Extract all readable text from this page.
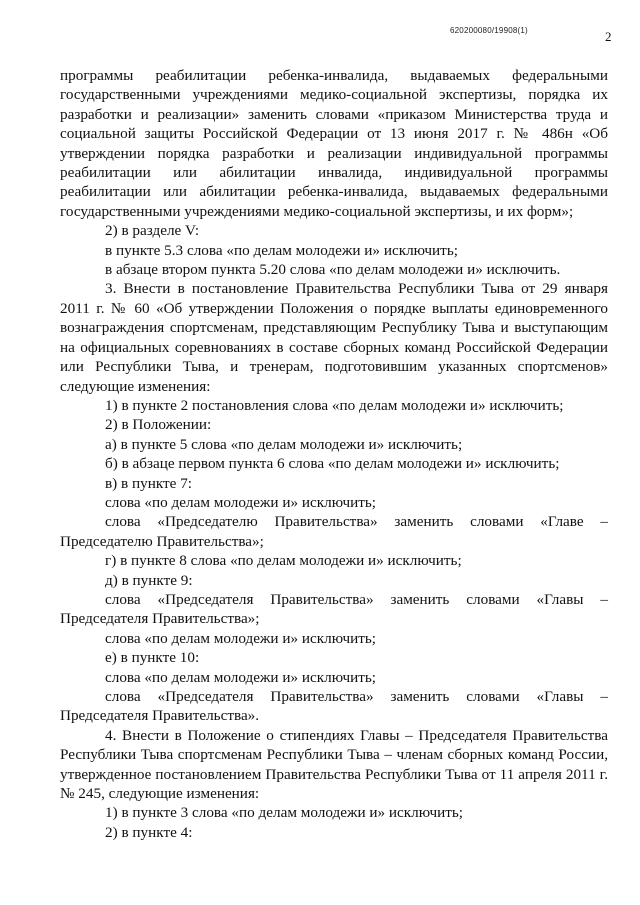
620200080/19908(1)	2

программы реабилитации ребенка-инвалида, выдаваемых федеральными государственными учреждениями медико-социальной экспертизы, порядка их разработки и реализации» заменить словами «приказом Министерства труда и социальной защиты Российской Федерации от 13 июня 2017 г. № 486н «Об утверждении порядка разработки и реализации индивидуальной программы реабилитации или абилитации инвалида, индивидуальной программы реабилитации или абилитации ребенка-инвалида, выдаваемых федеральными государственными учреждениями медико-социальной экспертизы, и их форм»;

2) в разделе V:

в пункте 5.3 слова «по делам молодежи и» исключить;

в абзаце втором пункта 5.20 слова «по делам молодежи и» исключить.

3. Внести в постановление Правительства Республики Тыва от 29 января 2011 г. № 60 «Об утверждении Положения о порядке выплаты единовременного вознаграждения спортсменам, представляющим Республику Тыва и выступающим на официальных соревнованиях в составе сборных команд Российской Федерации или Республики Тыва, и тренерам, подготовившим указанных спортсменов» следующие изменения:

1) в пункте 2 постановления слова «по делам молодежи и» исключить;

2) в Положении:

а) в пункте 5 слова «по делам молодежи и» исключить;

б) в абзаце первом пункта 6 слова «по делам молодежи и» исключить;

в) в пункте 7:

слова «по делам молодежи и» исключить;

слова «Председателю Правительства» заменить словами «Главе – Председателю Правительства»;

г) в пункте 8 слова «по делам молодежи и» исключить;

д) в пункте 9:

слова «Председателя Правительства» заменить словами «Главы – Председателя Правительства»;

слова «по делам молодежи и» исключить;

е) в пункте 10:

слова «по делам молодежи и» исключить;

слова «Председателя Правительства» заменить словами «Главы – Председателя Правительства».

4. Внести в Положение о стипендиях Главы – Председателя Правительства Республики Тыва спортсменам Республики Тыва – членам сборных команд России, утвержденное постановлением Правительства Республики Тыва от 11 апреля 2011 г. № 245, следующие изменения:

1) в пункте 3 слова «по делам молодежи и» исключить;

2) в пункте 4:
